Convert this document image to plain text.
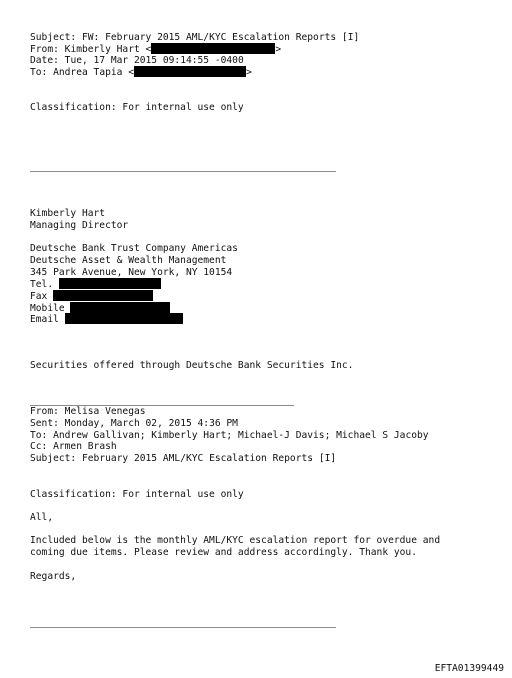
Subject: FW: February 2015 AML/KYC Escalation Reports [I]
From: Kimberly Hart <	>
Date: Tue, 17 Mar 2015 09:14:55 -0400
To: Andrea Tapia <	>
Classification: For internal use only
Kimberly Hart
Managing Director
Deutsche Bank Trust Company Americas
Deutsche Asset & Wealth Management
345 Park Avenue, New York, NY 10154
Tel.
Fax
Mobile
Email
Securities offered through Deutsche Bank Securities Inc.
From: Melisa Venegas
Sent: Monday, March 02, 2015 4:36 PM
To: Andrew Gallivan; Kimberly Hart; Michael-J Davis; Michael S Jacoby
Cc: Armen Brash
Subject: February 2015 AML/KYC Escalation Reports [I]
Classification: For internal use only
All,
Included below is the monthly AML/KYC escalation report for overdue and
coming due items. Please review and address accordingly. Thank you.
Regards,
EFTA01399449
